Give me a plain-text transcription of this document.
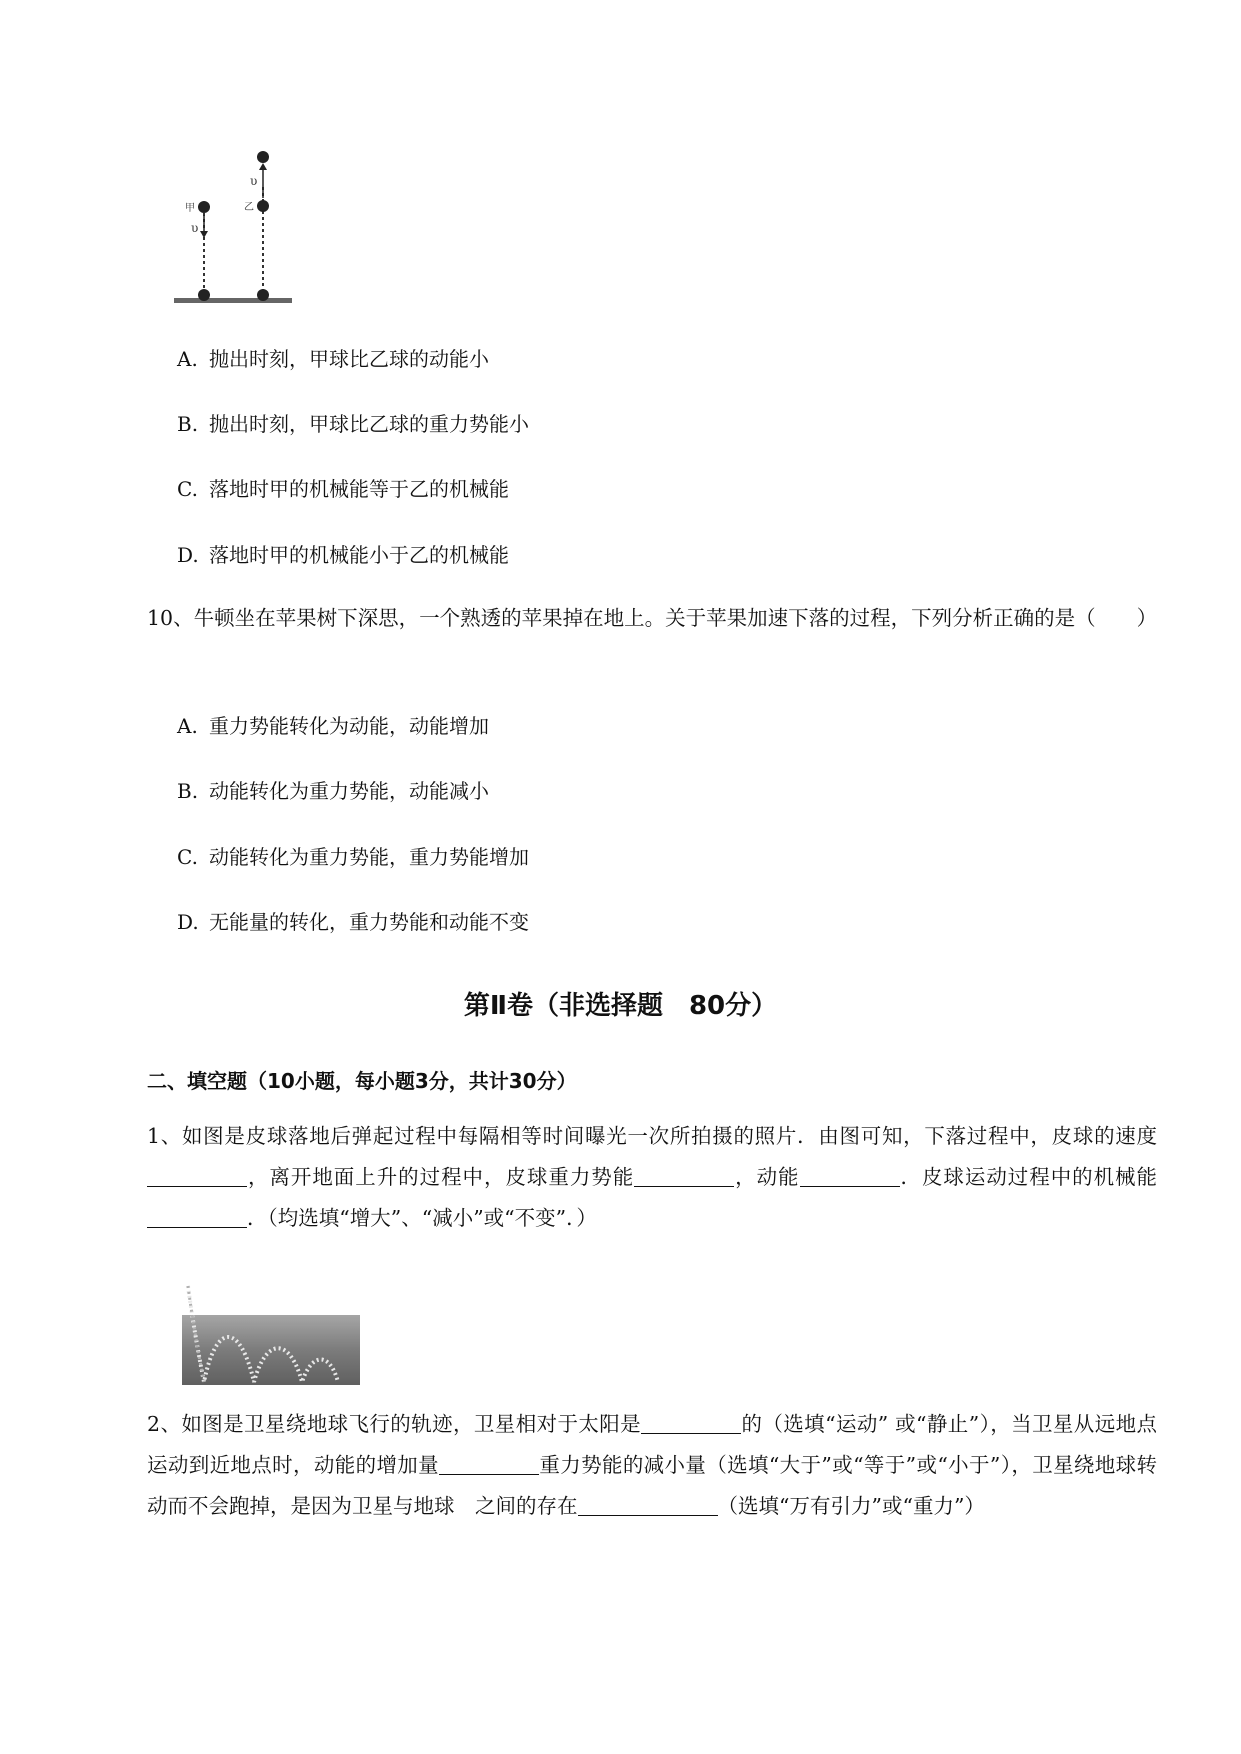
甲
υ
乙
υ
A. 抛出时刻，甲球比乙球的动能小
B. 抛出时刻，甲球比乙球的重力势能小
C. 落地时甲的机械能等于乙的机械能
D. 落地时甲的机械能小于乙的机械能
10、牛顿坐在苹果树下深思，一个熟透的苹果掉在地上。关于苹果加速下落的过程，下列分析正确的是（　　）
A. 重力势能转化为动能，动能增加
B. 动能转化为重力势能，动能减小
C. 动能转化为重力势能，重力势能增加
D. 无能量的转化，重力势能和动能不变
第Ⅱ卷（非选择题　80分）
二、填空题（10小题，每小题3分，共计30分）
1、如图是皮球落地后弹起过程中每隔相等时间曝光一次所拍摄的照片．由图可知，下落过程中，皮球的速度，离开地面上升的过程中，皮球重力势能	，动能	．皮球运动过程中的机械能．（均选填“增大”、“减小”或“不变”．）
2、如图是卫星绕地球飞行的轨迹，卫星相对于太阳是	的（选填“运动” 或“静止”），当卫星从远地点运动到近地点时，动能的增加量	重力势能的减小量（选填“大于”或“等于”或“小于”），卫星绕地球转动而不会跑掉，是因为卫星与地球　之间的存在	（选填“万有引力”或“重力”）
